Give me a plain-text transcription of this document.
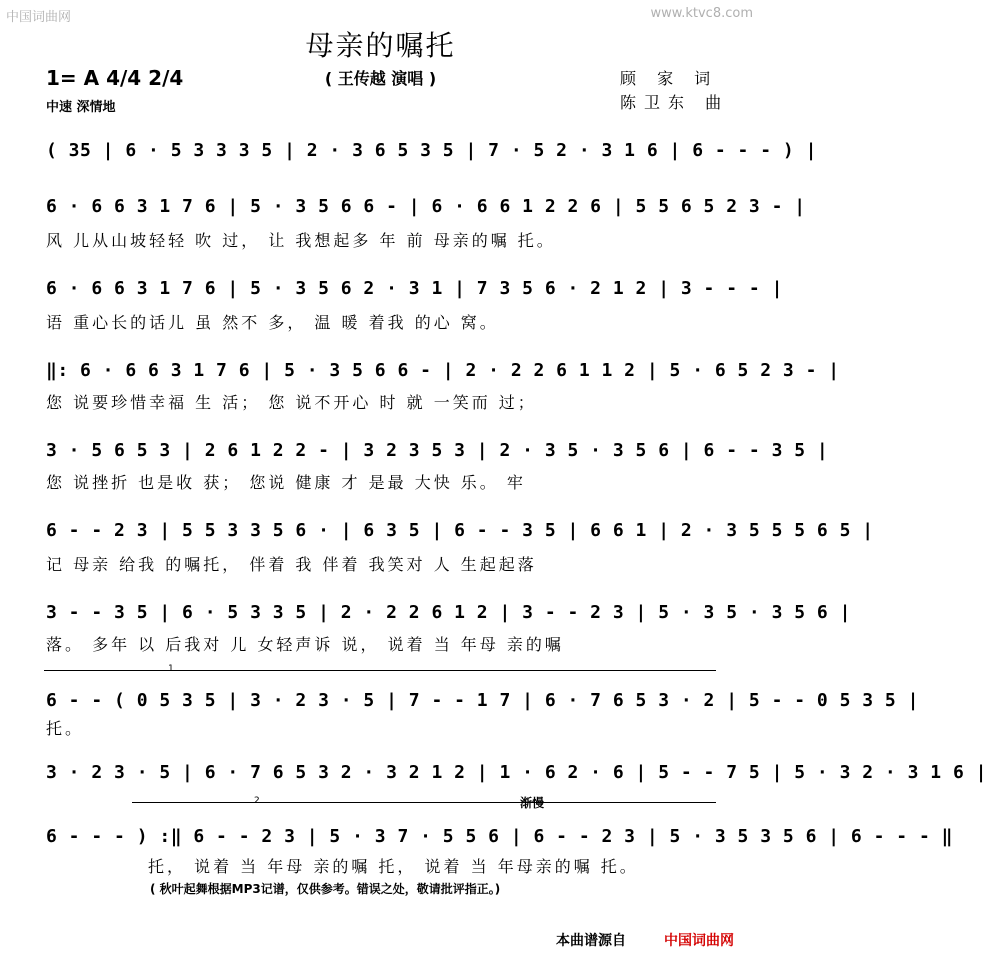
中国词曲网	www.ktvc8.com
母亲的嘱托
( 王传越 演唱 )
1= A 4/4 2/4
中速 深情地
顾 家 词
陈卫东 曲
( 35 | 6 · 5 3 3 3 5 | 2 · 3 6 5 3 5 | 7 · 5 2 · 3 1 6 | 6 - - - ) |
6 · 6 6 3 1 7 6 | 5 · 3 5 6 6 - | 6 · 6 6 1 2 2 6 | 5 5 6 5 2 3 - |
风 儿从山坡轻轻 吹 过， 让 我想起多 年 前 母亲的嘱 托。
6 · 6 6 3 1 7 6 | 5 · 3 5 6 2 · 3 1 | 7 3 5 6 · 2 1 2 | 3 - - - |
语 重心长的话儿 虽 然不 多， 温 暖 着我 的心 窝。
‖: 6 · 6 6 3 1 7 6 | 5 · 3 5 6 6 - | 2 · 2 2 6 1 1 2 | 5 · 6 5 2 3 - |
您 说要珍惜幸福 生 活； 您 说不开心 时 就 一笑而 过；
3 · 5 6 5 3 | 2 6 1 2 2 - | 3 2 3 5 3 | 2 · 3 5 · 3 5 6 | 6 - - 3 5 |
您 说挫折 也是收 获； 您说 健康 才 是最 大快 乐。 牢
6 - - 2 3 | 5 5 3 3 5 6 · | 6 3 5 | 6 - - 3 5 | 6 6 1 | 2 · 3 5 5 5 6 5 |
记 母亲 给我 的嘱托， 伴着 我 伴着 我笑对 人 生起起落
3 - - 3 5 | 6 · 5 3 3 5 | 2 · 2 2 6 1 2 | 3 - - 2 3 | 5 · 3 5 · 3 5 6 |
落。 多年 以 后我对 儿 女轻声诉 说， 说着 当 年母 亲的嘱
1
6 - - ( 0 5 3 5 | 3 · 2 3 · 5 | 7 - - 1 7 | 6 · 7 6 5 3 · 2 | 5 - - 0 5 3 5 |
托。
3 · 2 3 · 5 | 6 · 7 6 5 3 2 · 3 2 1 2 | 1 · 6 2 · 6 | 5 - - 7 5 | 5 · 3 2 · 3 1 6 |
2	渐慢
6 - - - ) :‖ 6 - - 2 3 | 5 · 3 7 · 5 5 6 | 6 - - 2 3 | 5 · 3 5 3 5 6 | 6 - - - ‖
托， 说着 当 年母 亲的嘱 托， 说着 当 年母亲的嘱 托。
( 秋叶起舞根据MP3记谱，仅供参考。错误之处，敬请批评指正。)
本曲谱源自	中国词曲网
